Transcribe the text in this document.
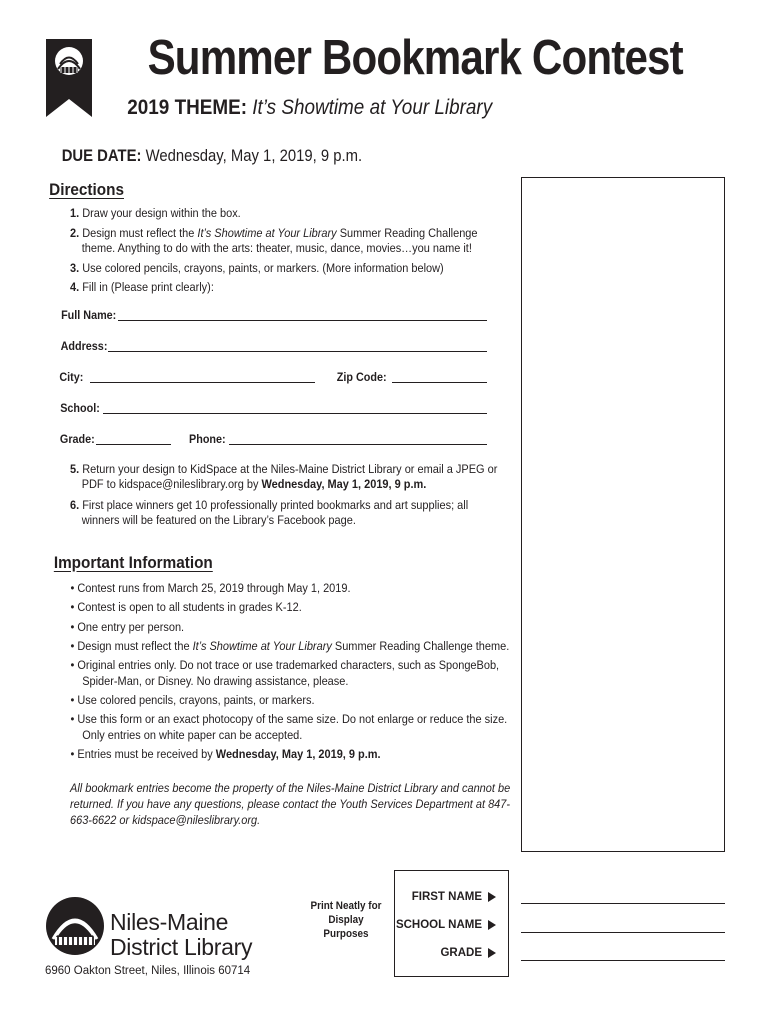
Summer Bookmark Contest
2019 THEME: It’s Showtime at Your Library
DUE DATE: Wednesday, May 1, 2019, 9 p.m.
Directions
1. Draw your design within the box.
2. Design must reflect the It’s Showtime at Your Library Summer Reading Challenge
theme. Anything to do with the arts: theater, music, dance, movies…you name it!
3. Use colored pencils, crayons, paints, or markers. (More information below)
4. Fill in (Please print clearly):
Full Name:
Address:
City:	Zip Code:
School:
Grade:	Phone:
5. Return your design to KidSpace at the Niles-Maine District Library or email a JPEG or
PDF to kidspace@nileslibrary.org by Wednesday, May 1, 2019, 9 p.m.
6. First place winners get 10 professionally printed bookmarks and art supplies; all
winners will be featured on the Library’s Facebook page.
Important Information
• Contest runs from March 25, 2019 through May 1, 2019.
• Contest is open to all students in grades K-12.
• One entry per person.
• Design must reflect the It’s Showtime at Your Library Summer Reading Challenge theme.
• Original entries only. Do not trace or use trademarked characters, such as SpongeBob,
Spider-Man, or Disney. No drawing assistance, please.
• Use colored pencils, crayons, paints, or markers.
• Use this form or an exact photocopy of the same size. Do not enlarge or reduce the size.
Only entries on white paper can be accepted.
• Entries must be received by Wednesday, May 1, 2019, 9 p.m.
All bookmark entries become the property of the Niles-Maine District Library and cannot be returned. If you have any questions, please contact the Youth Services Department at 847-663-6622 or kidspace@nileslibrary.org.
Niles-Maine
District Library
6960 Oakton Street, Niles, Illinois 60714
Print Neatly for Display Purposes
FIRST NAME
SCHOOL NAME
GRADE
